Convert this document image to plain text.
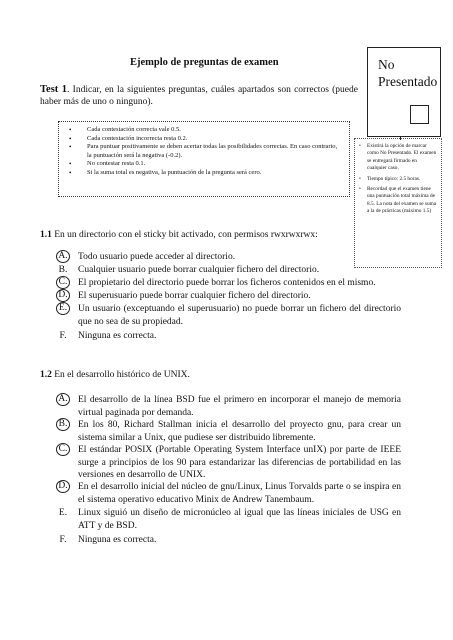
Ejemplo de preguntas de examen
Test 1. Indicar, en la siguientes preguntas, cuáles apartados son correctos (puede haber más de uno o ninguno).
• Cada contestación correcta vale 0.5.
• Cada contestación incorrecta resta 0.2.
• Para puntuar positivamente se deben acertar todas las posibilidades correctas. En caso contrario, la puntuación será la negativa (-0.2).
• No contestar resta 0.1.
• Si la suma total es negativa, la puntuación de la pregunta será cero.
No
Presentado
• Existirá la opción de marcar como No Presentado. El examen se entregará firmado en cualquier caso.
• Tiempo típico: 2.5 horas.
• Recordad que el examen tiene una puntuación total máxima de 8.5. La nota del examen se suma a la de prácticas (máximo 1.5)
1.1 En un directorio con el sticky bit activado, con permisos rwxrwxrwx:
A.	Todo usuario puede acceder al directorio.
B.	Cualquier usuario puede borrar cualquier fichero del directorio.
C.	El propietario del directorio puede borrar los ficheros contenidos en el mismo.
D.	El superusuario puede borrar cualquier fichero del directorio.
E.	Un usuario (exceptuando el superusuario) no puede borrar un fichero del directorio que no sea de su propiedad.
F.	Ninguna es correcta.
1.2 En el desarrollo histórico de UNIX.
A.	El desarrollo de la línea BSD fue el primero en incorporar el manejo de memoria virtual paginada por demanda.
B.	En los 80, Richard Stallman inicia el desarrollo del proyecto gnu, para crear un sistema similar a Unix, que pudiese ser distribuido libremente.
C.	El estándar POSIX (Portable Operating System Interface unIX) por parte de IEEE surge a principios de los 90 para estandarizar las diferencias de portabilidad en las versiones en desarrollo de UNIX.
D.	En el desarrollo inicial del núcleo de gnu/Linux, Linus Torvalds parte o se inspira en el sistema operativo educativo Minix de Andrew Tanembaum.
E.	Linux siguió un diseño de micronúcleo al igual que las líneas iniciales de USG en ATT y de BSD.
F.	Ninguna es correcta.
